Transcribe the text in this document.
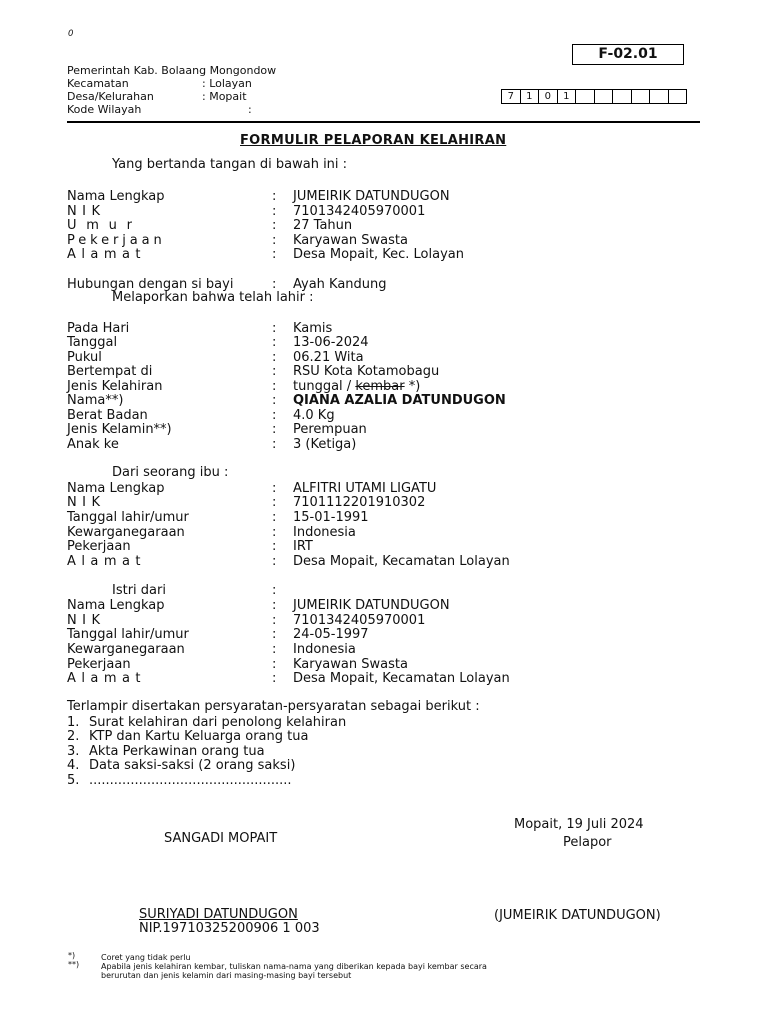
0
F-02.01
Pemerintah Kab. Bolaang Mongondow
Kecamatan	: Lolayan
Desa/Kelurahan	: Mopait
Kode Wilayah	:
7	1	0	1
FORMULIR PELAPORAN KELAHIRAN
Yang bertanda tangan di bawah ini :
Nama Lengkap	: JUMEIRIK DATUNDUGON
NIK	: 7101342405970001
Umur	: 27 Tahun
Pekerjaan	: Karyawan Swasta
Alamat	: Desa Mopait, Kec. Lolayan
Hubungan dengan si bayi	: Ayah Kandung
Melaporkan bahwa telah lahir :
Pada Hari	: Kamis
Tanggal	: 13-06-2024
Pukul	: 06.21 Wita
Bertempat di	: RSU Kota Kotamobagu
Jenis Kelahiran	: tunggal / kembar *)
Nama**)	: QIANA AZALIA DATUNDUGON
Berat Badan	: 4.0 Kg
Jenis Kelamin**)	: Perempuan
Anak ke	: 3 (Ketiga)
Dari seorang ibu :
Nama Lengkap	: ALFITRI UTAMI LIGATU
NIK	: 7101112201910302
Tanggal lahir/umur	: 15-01-1991
Kewarganegaraan	: Indonesia
Pekerjaan	: IRT
Alamat	: Desa Mopait, Kecamatan Lolayan
Istri dari	:
Nama Lengkap	: JUMEIRIK DATUNDUGON
NIK	: 7101342405970001
Tanggal lahir/umur	: 24-05-1997
Kewarganegaraan	: Indonesia
Pekerjaan	: Karyawan Swasta
Alamat	: Desa Mopait, Kecamatan Lolayan
Terlampir disertakan persyaratan-persyaratan sebagai berikut :
1. Surat kelahiran dari penolong kelahiran
2. KTP dan Kartu Keluarga orang tua
3. Akta Perkawinan orang tua
4. Data saksi-saksi (2 orang saksi)
5. .................................................
Mopait, 19 Juli 2024
Pelapor
SANGADI MOPAIT
SURIYADI DATUNDUGON
NIP.19710325200906 1 003
(JUMEIRIK DATUNDUGON)
*)	Coret yang tidak perlu
**)	Apabila jenis kelahiran kembar, tuliskan nama-nama yang diberikan kepada bayi kembar secara
berurutan dan jenis kelamin dari masing-masing bayi tersebut
